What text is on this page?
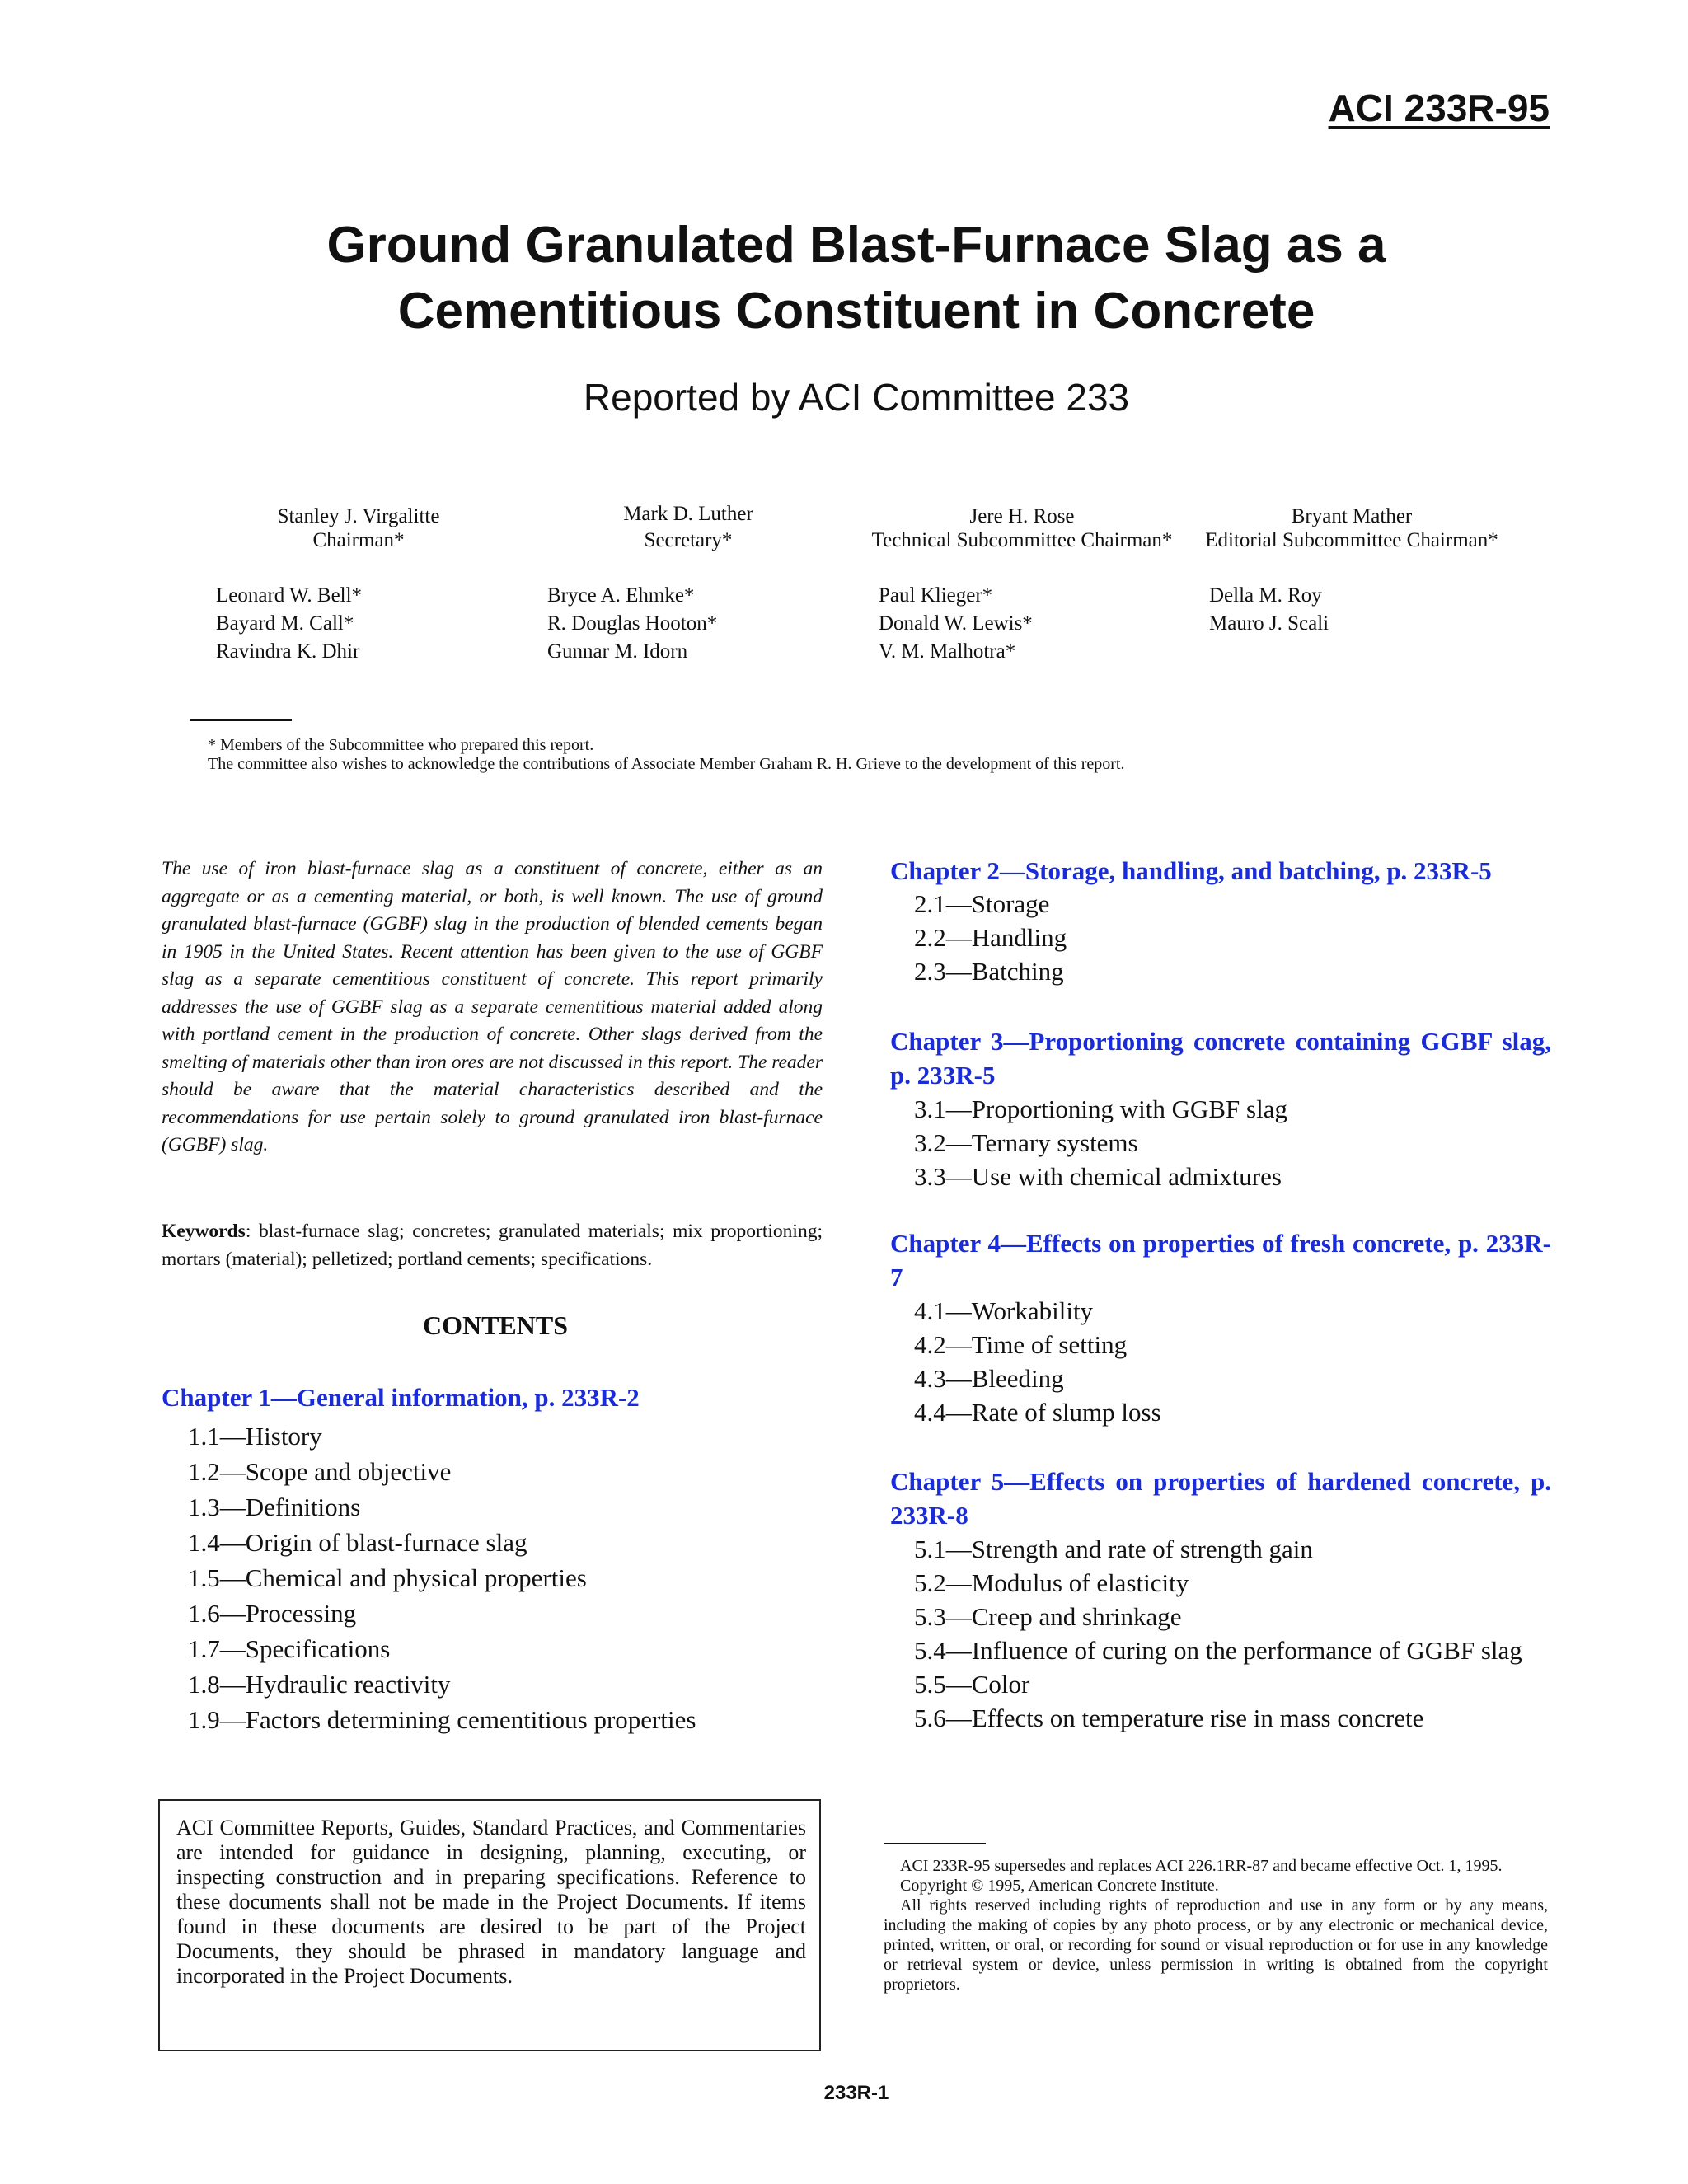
ACI 233R-95
Ground Granulated Blast-Furnace Slag as a
Cementitious Constituent in Concrete
Reported by ACI Committee 233
Stanley J. Virgalitte
Chairman*
Mark D. Luther
Secretary*
Jere H. Rose
Technical Subcommittee Chairman*
Bryant Mather
Editorial Subcommittee Chairman*
Leonard W. Bell*
Bayard M. Call*
Ravindra K. Dhir
Bryce A. Ehmke*
R. Douglas Hooton*
Gunnar M. Idorn
Paul Klieger*
Donald W. Lewis*
V. M. Malhotra*
Della M. Roy
Mauro J. Scali
* Members of the Subcommittee who prepared this report.
The committee also wishes to acknowledge the contributions of Associate Member Graham R. H. Grieve to the development of this report.
The use of iron blast-furnace slag as a constituent of concrete, either as an aggregate or as a cementing material, or both, is well known. The use of ground granulated blast-furnace (GGBF) slag in the production of blended cements began in 1905 in the United States. Recent attention has been given to the use of GGBF slag as a separate cementitious constituent of concrete. This report primarily addresses the use of GGBF slag as a separate cementitious material added along with portland cement in the production of concrete. Other slags derived from the smelting of materials other than iron ores are not discussed in this report. The reader should be aware that the material characteristics described and the recommendations for use pertain solely to ground granulated iron blast-furnace (GGBF) slag.
Keywords: blast-furnace slag; concretes; granulated materials; mix proportioning; mortars (material); pelletized; portland cements; specifications.
CONTENTS
Chapter 1—General information, p. 233R-2
1.1—History
1.2—Scope and objective
1.3—Definitions
1.4—Origin of blast-furnace slag
1.5—Chemical and physical properties
1.6—Processing
1.7—Specifications
1.8—Hydraulic reactivity
1.9—Factors determining cementitious properties
ACI Committee Reports, Guides, Standard Practices, and Commentaries are intended for guidance in designing, planning, executing, or inspecting construction and in preparing specifications. Reference to these documents shall not be made in the Project Documents. If items found in these documents are desired to be part of the Project Documents, they should be phrased in mandatory language and incorporated in the Project Documents.
Chapter 2—Storage, handling, and batching, p. 233R-5
2.1—Storage
2.2—Handling
2.3—Batching
Chapter 3—Proportioning concrete containing GGBF slag, p. 233R-5
3.1—Proportioning with GGBF slag
3.2—Ternary systems
3.3—Use with chemical admixtures
Chapter 4—Effects on properties of fresh concrete, p. 233R-7
4.1—Workability
4.2—Time of setting
4.3—Bleeding
4.4—Rate of slump loss
Chapter 5—Effects on properties of hardened concrete, p. 233R-8
5.1—Strength and rate of strength gain
5.2—Modulus of elasticity
5.3—Creep and shrinkage
5.4—Influence of curing on the performance of GGBF slag
5.5—Color
5.6—Effects on temperature rise in mass concrete

ACI 233R-95 supersedes and replaces ACI 226.1RR-87 and became effective Oct. 1, 1995.

Copyright © 1995, American Concrete Institute.

All rights reserved including rights of reproduction and use in any form or by any means, including the making of copies by any photo process, or by any electronic or mechanical device, printed, written, or oral, or recording for sound or visual reproduction or for use in any knowledge or retrieval system or device, unless permission in writing is obtained from the copyright proprietors.

233R-1
